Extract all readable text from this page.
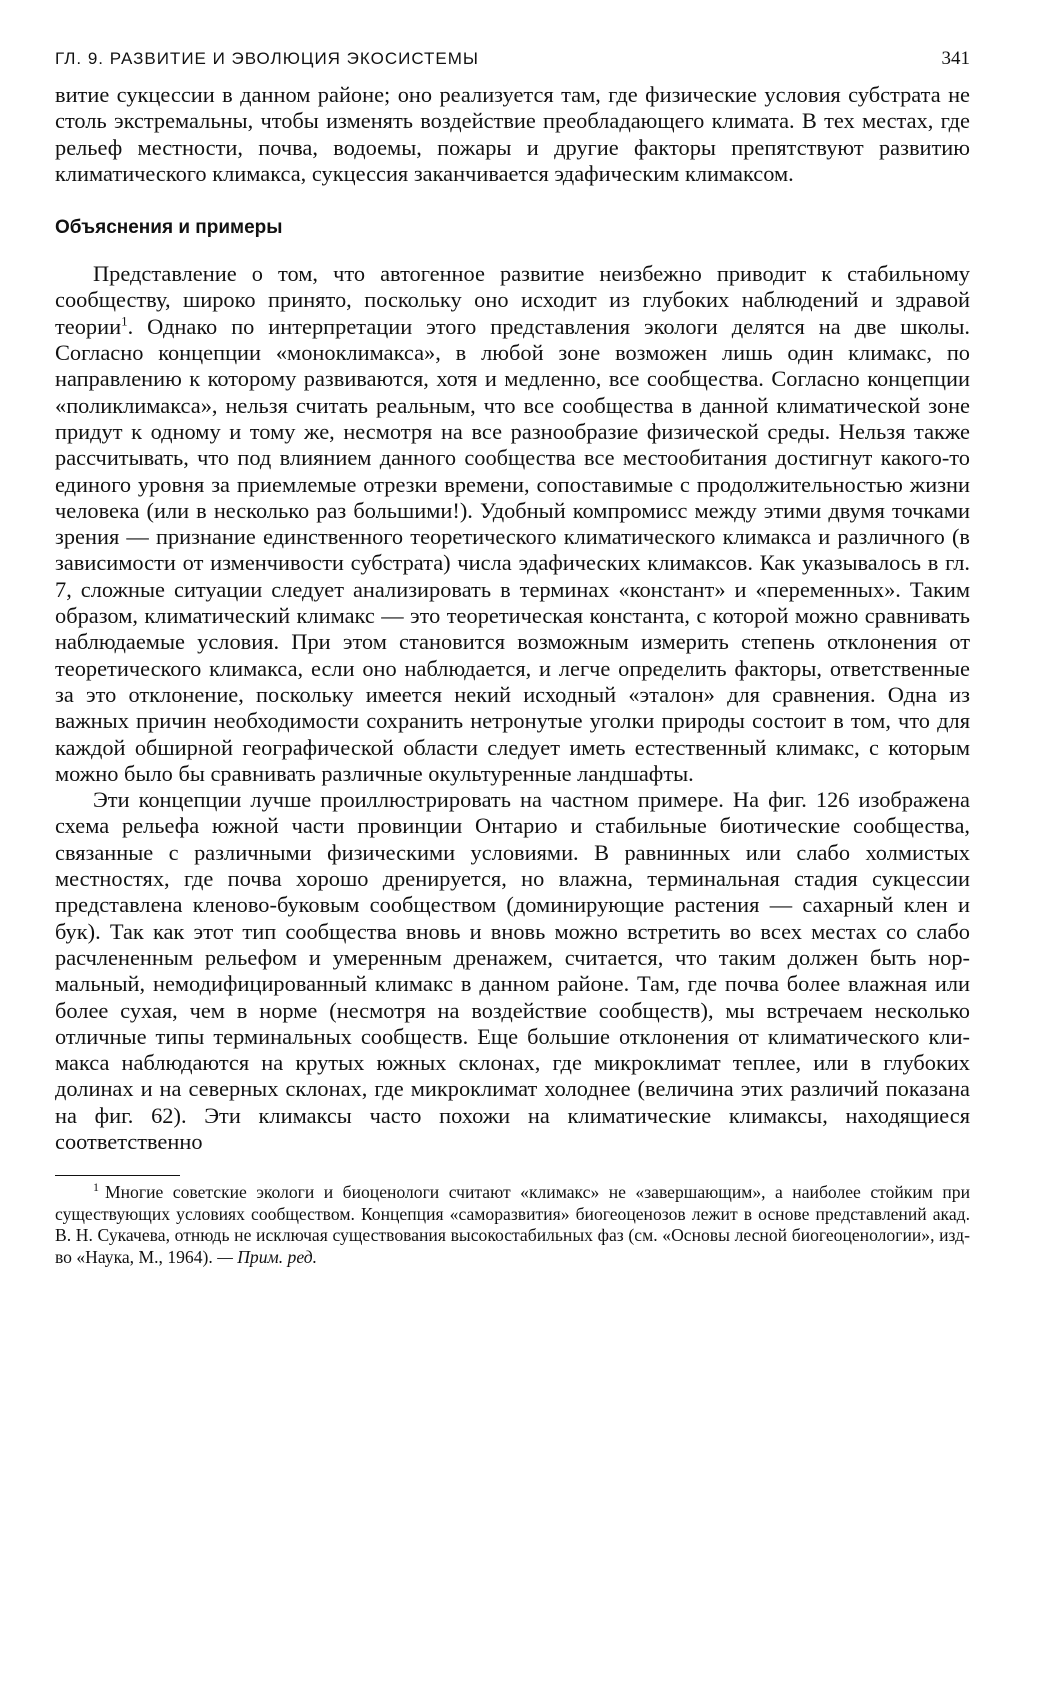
ГЛ. 9. РАЗВИТИЕ И ЭВОЛЮЦИЯ ЭКОСИСТЕМЫ	341

витие сукцессии в данном районе; оно реализуется там, где физические условия субстрата не столь экстремальны, чтобы изменять воздействие преобладающего климата. В тех местах, где рельеф местности, почва, водоемы, пожары и другие факторы препятствуют развитию климатического климакса, сукцессия заканчивается эдафическим климаксом.

Объяснения и примеры

Представление о том, что автогенное развитие неизбежно приводит к стабильному сообществу, широко принято, поскольку оно исходит из глубоких наблюдений и здравой теории$^1$. Однако по интерпретации этого представления экологи делятся на две школы. Согласно концепции «моноклимакса», в любой зоне возможен лишь один климакс, по направлению к которому развиваются, хотя и медленно, все сообщества. Согласно концепции «поликлимакса», нельзя считать реальным, что все сообщества в данной климатической зоне придут к одному и тому же, несмотря на все разнообразие физической среды. Нельзя также рассчитывать, что под влиянием данного сообщества все местообитания достигнут какого-то единого уровня за приемлемые отрезки времени, сопоставимые с продолжительностью жизни человека (или в несколько раз большими!). Удобный компромисс между этими двумя точками зрения — признание единственного теоретического климатического климакса и различного (в зависимости от изменчивости субстрата) числа эдафических климаксов. Как указывалось в гл. 7, сложные ситуации следует анализировать в терминах «констант» и «переменных». Таким образом, климатический климакс — это теоретическая константа, с которой можно сравнивать наблюдаемые условия. При этом становится возможным измерить степень отклонения от теоретического климакса, если оно наблюдается, и легче определить факторы, ответственные за это отклонение, поскольку имеется некий исходный «эталон» для сравнения. Одна из важных причин необходимости сохранить нетронутые уголки природы состоит в том, что для каждой обширной географической области следует иметь естественный климакс, с которым можно было бы сравнивать различные окультуренные ландшафты.

Эти концепции лучше проиллюстрировать на частном примере. На фиг. 126 изображена схема рельефа южной части провинции Онтарио и стабильные биотические сообщества, связанные с различными физическими условиями. В равнинных или слабо холмистых местностях, где почва хорошо дренируется, но влажна, терминальная стадия сукцессии представлена кленово-буковым сообществом (доминирующие растения — сахарный клен и бук). Так как этот тип сообщества вновь и вновь можно встретить во всех местах со слабо расчлененным рельефом и умеренным дренажем, считается, что таким должен быть нормальный, немодифицированный климакс в данном районе. Там, где почва более влажная или более сухая, чем в норме (несмотря на воздействие сообществ), мы встречаем несколько отличные типы терминальных сообществ. Еще большие отклонения от климатического климакса наблюдаются на крутых южных склонах, где микроклимат теплее, или в глубоких долинах и на северных склонах, где микроклимат холоднее (величина этих различий показана на фиг. 62). Эти климаксы часто похожи на климатические климаксы, находящиеся соответственно

$^1$ Многие советские экологи и биоценологи считают «климакс» не «завершающим», а наиболее стойким при существующих условиях сообществом. Концепция «саморазвития» биогеоценозов лежит в основе представлений акад. В. Н. Сукачева, отнюдь не исключая существования высокостабильных фаз (см. «Основы лесной биогеоценологии», изд-во «Наука, М., 1964). — Прим. ред.
